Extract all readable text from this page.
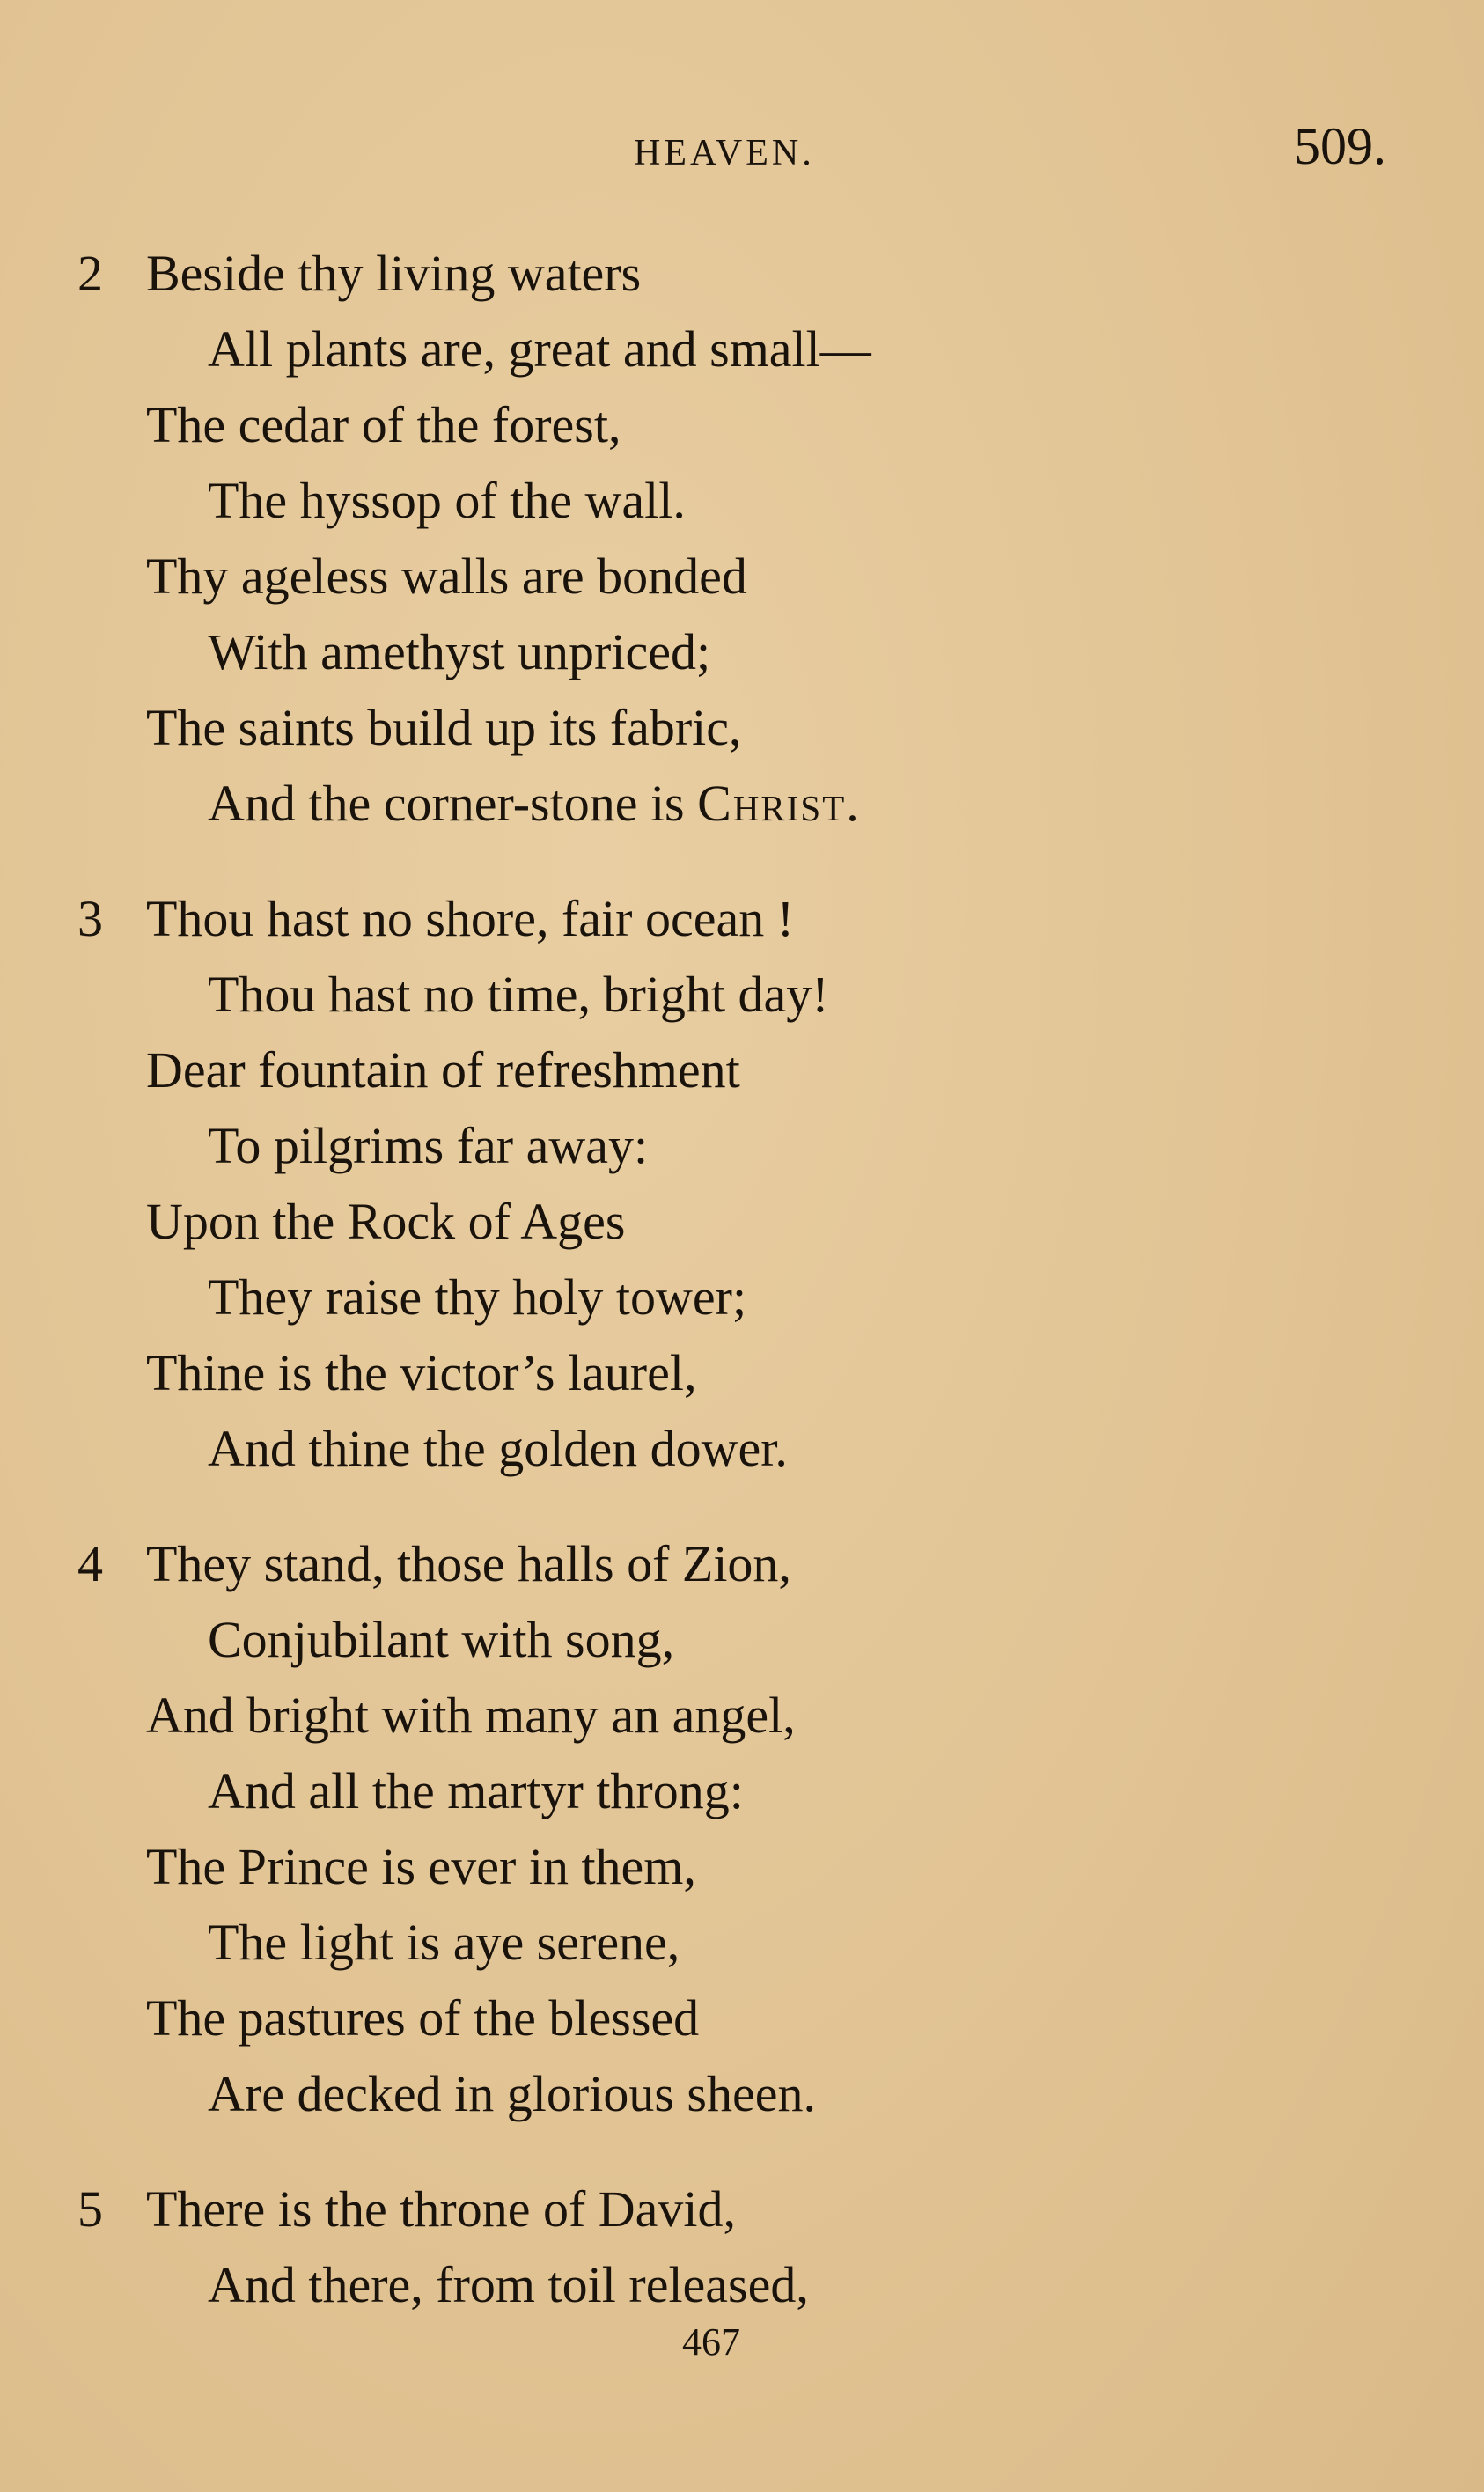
HEAVEN.	509.
2 Beside thy living waters
All plants are, great and small—
The cedar of the forest,
The hyssop of the wall.
Thy ageless walls are bonded
With amethyst unpriced;
The saints build up its fabric,
And the corner-stone is Christ.
3 Thou hast no shore, fair ocean !
Thou hast no time, bright day!
Dear fountain of refreshment
To pilgrims far away:
Upon the Rock of Ages
They raise thy holy tower;
Thine is the victor’s laurel,
And thine the golden dower.
4 They stand, those halls of Zion,
Conjubilant with song,
And bright with many an angel,
And all the martyr throng:
The Prince is ever in them,
The light is aye serene,
The pastures of the blessed
Are decked in glorious sheen.
5 There is the throne of David,
And there, from toil released,
467
